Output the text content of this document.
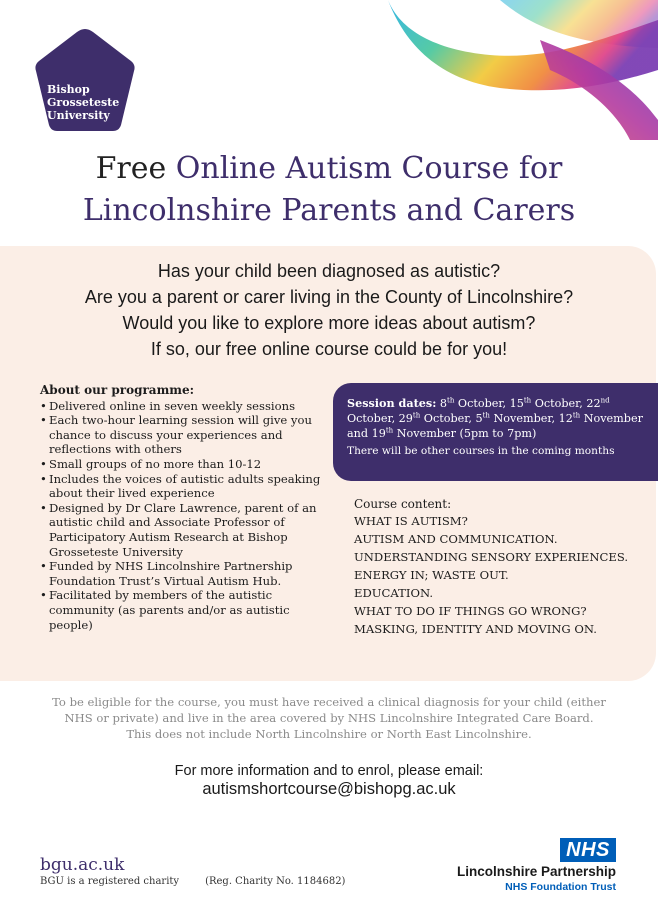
Bishop
Grosseteste
University
Free Online Autism Course for
Lincolnshire Parents and Carers
Has your child been diagnosed as autistic?
Are you a parent or carer living in the County of Lincolnshire?
Would you like to explore more ideas about autism?
If so, our free online course could be for you!
About our programme:
• Delivered online in seven weekly sessions
• Each two-hour learning session will give you chance to discuss your experiences and reflections with others
• Small groups of no more than 10-12
• Includes the voices of autistic adults speaking about their lived experience
• Designed by Dr Clare Lawrence, parent of an autistic child and Associate Professor of Participatory Autism Research at Bishop Grosseteste University
• Funded by NHS Lincolnshire Partnership Foundation Trust’s Virtual Autism Hub.
• Facilitated by members of the autistic community (as parents and/or as autistic people)
Session dates: 8th October, 15th October, 22nd October, 29th October, 5th November, 12th November and 19th November (5pm to 7pm)
There will be other courses in the coming months
Course content:
WHAT IS AUTISM?
AUTISM AND COMMUNICATION.
UNDERSTANDING SENSORY EXPERIENCES.
ENERGY IN; WASTE OUT.
EDUCATION.
WHAT TO DO IF THINGS GO WRONG?
MASKING, IDENTITY AND MOVING ON.
To be eligible for the course, you must have received a clinical diagnosis for your child (either
NHS or private) and live in the area covered by NHS Lincolnshire Integrated Care Board.
This does not include North Lincolnshire or North East Lincolnshire.
For more information and to enrol, please email:
autismshortcourse@bishopg.ac.uk
bgu.ac.uk
BGU is a registered charity	(Reg. Charity No. 1184682)
NHS
Lincolnshire Partnership
NHS Foundation Trust
